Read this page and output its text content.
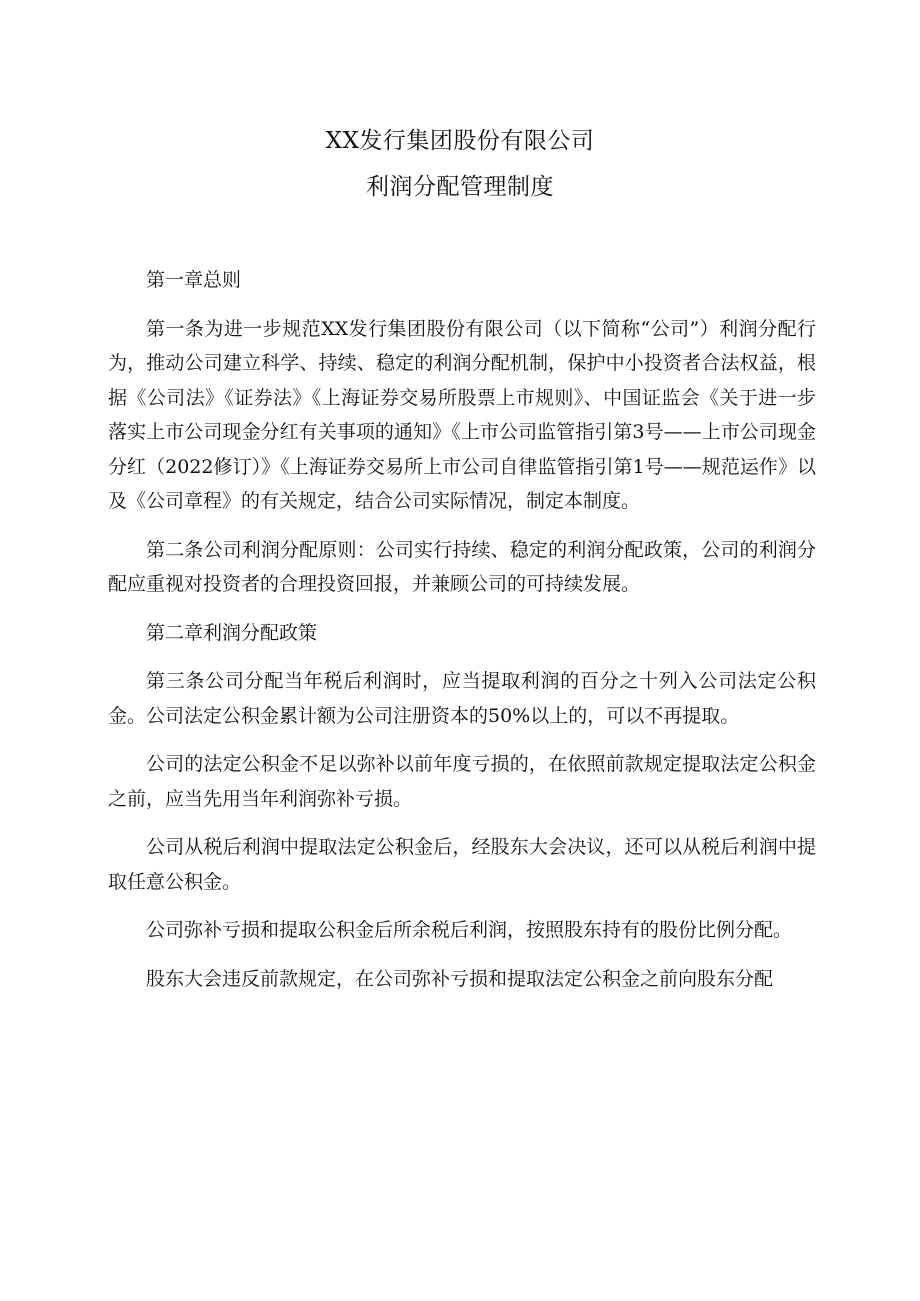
XX发行集团股份有限公司
利润分配管理制度

第一章总则

第一条为进一步规范XX发行集团股份有限公司（以下简称“公司”）利润分配行为，推动公司建立科学、持续、稳定的利润分配机制，保护中小投资者合法权益，根据《公司法》《证券法》《上海证券交易所股票上市规则》、中国证监会《关于进一步落实上市公司现金分红有关事项的通知》《上市公司监管指引第3号——上市公司现金分红（2022修订）》《上海证券交易所上市公司自律监管指引第1号——规范运作》以及《公司章程》的有关规定，结合公司实际情况，制定本制度。

第二条公司利润分配原则：公司实行持续、稳定的利润分配政策，公司的利润分配应重视对投资者的合理投资回报，并兼顾公司的可持续发展。

第二章利润分配政策

第三条公司分配当年税后利润时，应当提取利润的百分之十列入公司法定公积金。公司法定公积金累计额为公司注册资本的50%以上的，可以不再提取。

公司的法定公积金不足以弥补以前年度亏损的，在依照前款规定提取法定公积金之前，应当先用当年利润弥补亏损。

公司从税后利润中提取法定公积金后，经股东大会决议，还可以从税后利润中提取任意公积金。

公司弥补亏损和提取公积金后所余税后利润，按照股东持有的股份比例分配。

股东大会违反前款规定，在公司弥补亏损和提取法定公积金之前向股东分配
